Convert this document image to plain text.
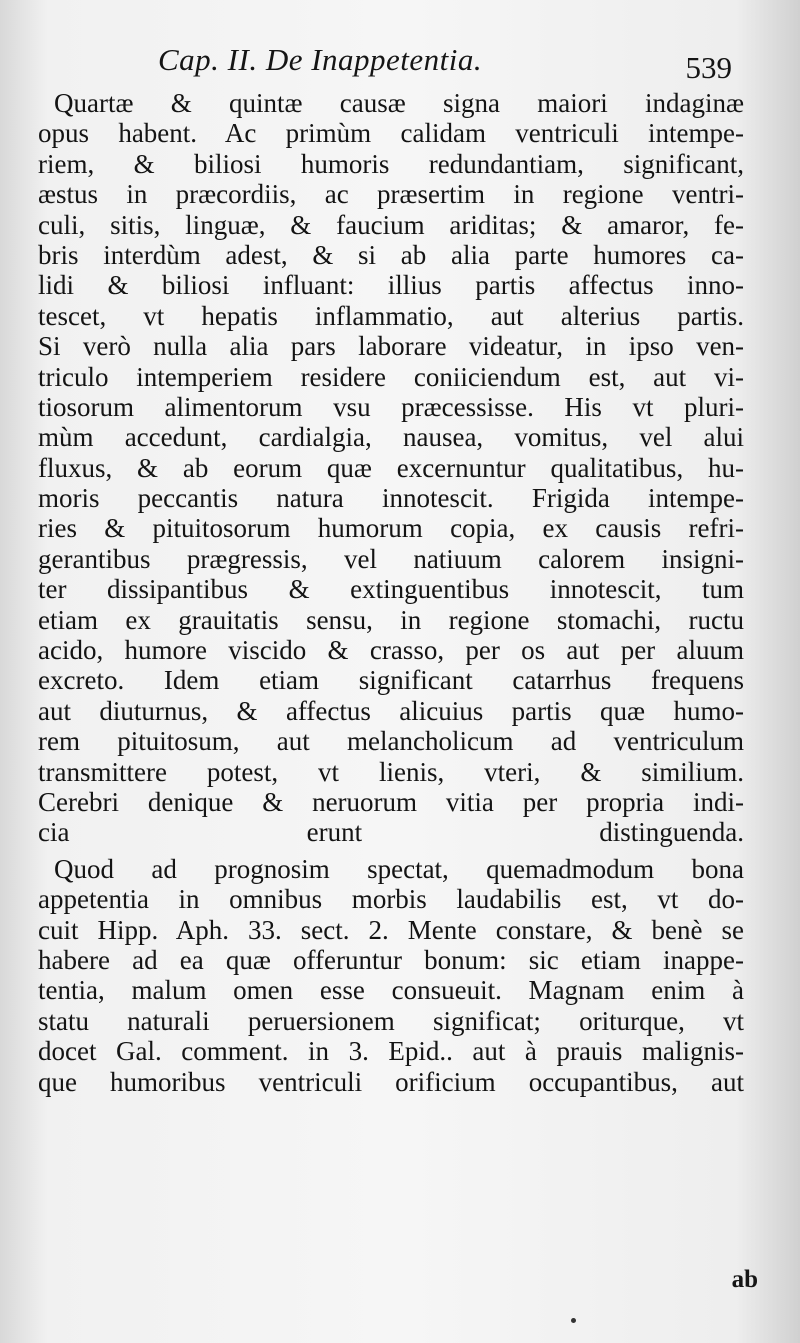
Cap. II. De Inappetentia.	539
Quartæ & quintæ causæ signa maiori indaginæ
opus habent. Ac primùm calidam ventriculi intempe-
riem, & biliosi humoris redundantiam, significant,
æstus in præcordiis, ac præsertim in regione ventri-
culi, sitis, linguæ, & faucium ariditas; & amaror, fe-
bris interdùm adest, & si ab alia parte humores ca-
lidi & biliosi influant: illius partis affectus inno-
tescet, vt hepatis inflammatio, aut alterius partis.
Si verò nulla alia pars laborare videatur, in ipso ven-
triculo intemperiem residere coniiciendum est, aut vi-
tiosorum alimentorum vsu præcessisse. His vt pluri-
mùm accedunt, cardialgia, nausea, vomitus, vel alui
fluxus, & ab eorum quæ excernuntur qualitatibus, hu-
moris peccantis natura innotescit. Frigida intempe-
ries & pituitosorum humorum copia, ex causis refri-
gerantibus prægressis, vel natiuum calorem insigni-
ter dissipantibus & extinguentibus innotescit, tum
etiam ex grauitatis sensu, in regione stomachi, ructu
acido, humore viscido & crasso, per os aut per aluum
excreto. Idem etiam significant catarrhus frequens
aut diuturnus, & affectus alicuius partis quæ humo-
rem pituitosum, aut melancholicum ad ventriculum
transmittere potest, vt lienis, vteri, & similium.
Cerebri denique & neruorum vitia per propria indi-
cia erunt distinguenda.
Quod ad prognosim spectat, quemadmodum bona
appetentia in omnibus morbis laudabilis est, vt do-
cuit Hipp. Aph. 33. sect. 2. Mente constare, & benè se
habere ad ea quæ offeruntur bonum: sic etiam inappe-
tentia, malum omen esse consueuit. Magnam enim à
statu naturali peruersionem significat; oriturque, vt
docet Gal. comment. in 3. Epid.. aut à prauis malignis-
que humoribus ventriculi orificium occupantibus, aut
ab
